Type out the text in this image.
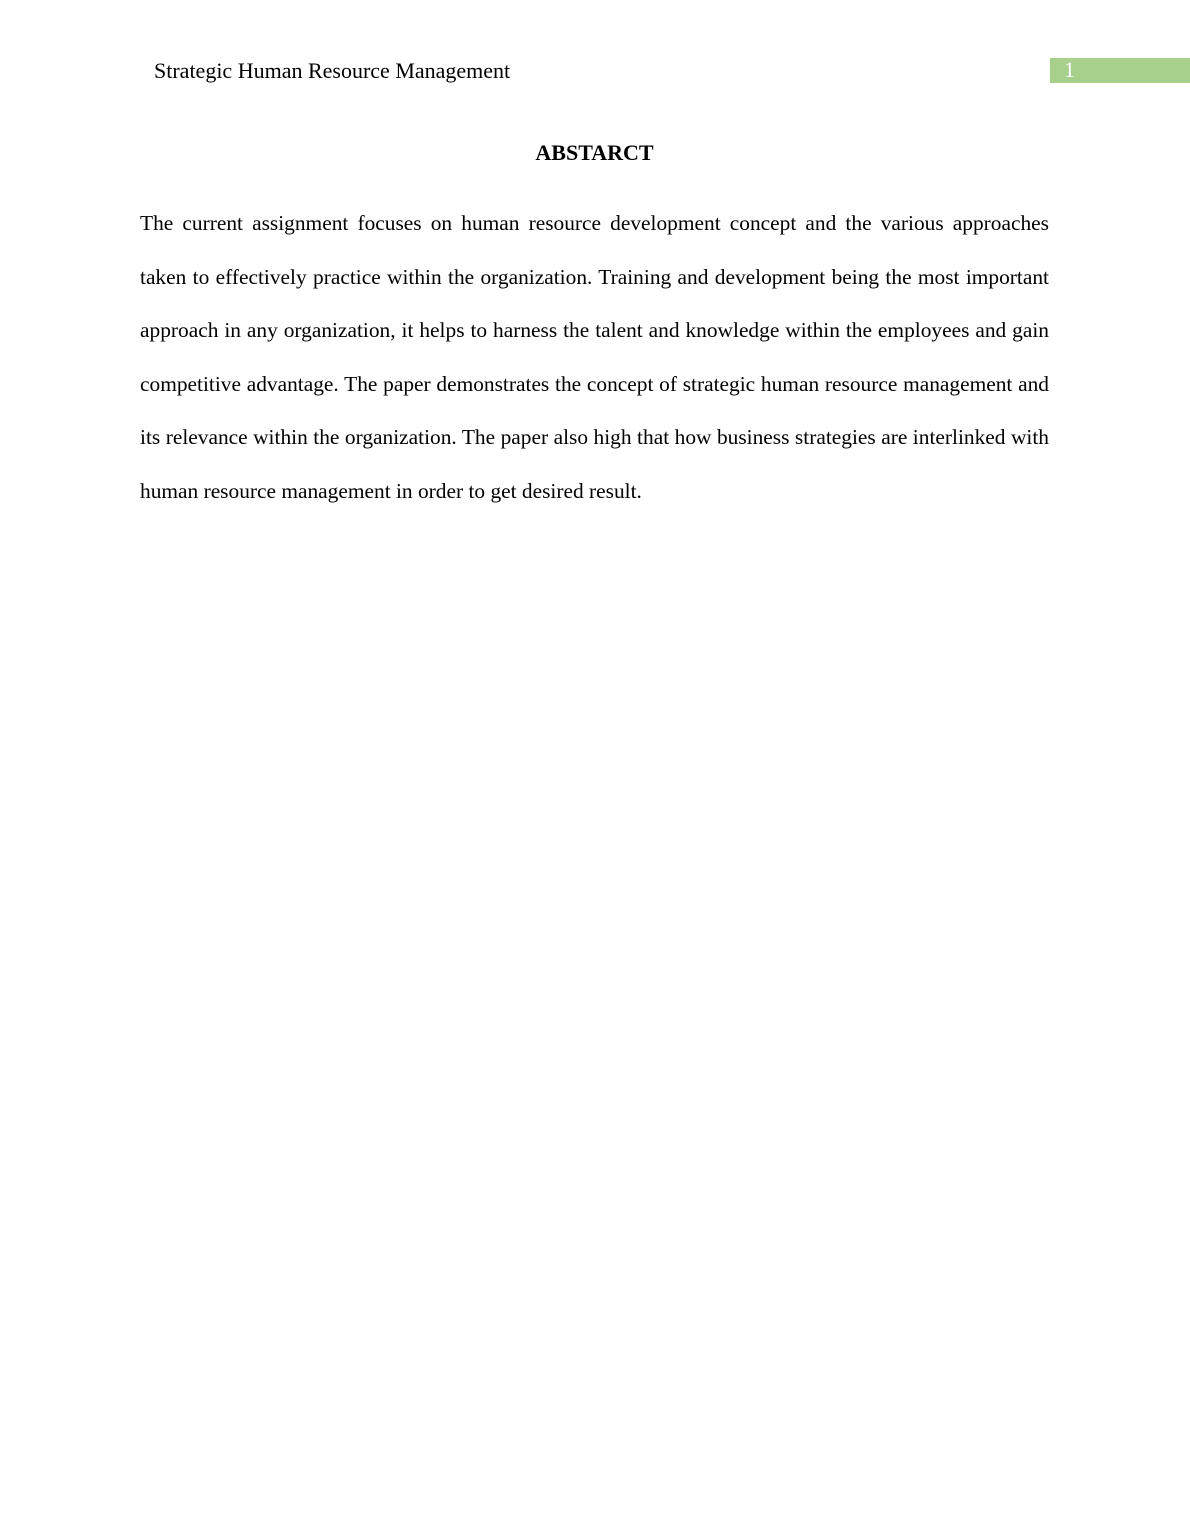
Strategic Human Resource Management	1
ABSTARCT

The current assignment focuses on human resource development concept and the various approaches taken to effectively practice within the organization. Training and development being the most important approach in any organization, it helps to harness the talent and knowledge within the employees and gain competitive advantage. The paper demonstrates the concept of strategic human resource management and its relevance within the organization. The paper also high that how business strategies are interlinked with human resource management in order to get desired result.
